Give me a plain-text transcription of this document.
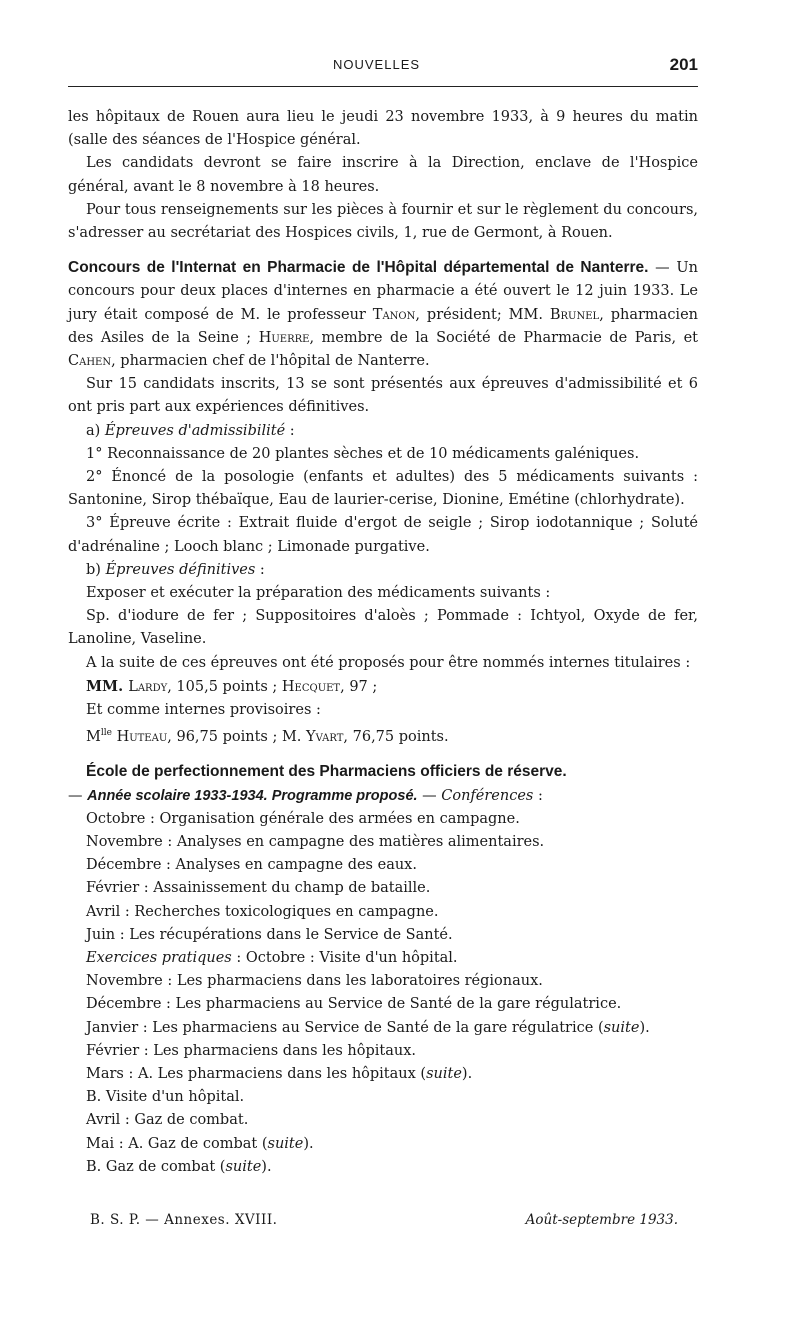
NOUVELLES	201

les hôpitaux de Rouen aura lieu le jeudi 23 novembre 1933, à 9 heures du matin (salle des séances de l'Hospice général.

Les candidats devront se faire inscrire à la Direction, enclave de l'Hospice général, avant le 8 novembre à 18 heures.

Pour tous renseignements sur les pièces à fournir et sur le règlement du concours, s'adresser au secrétariat des Hospices civils, 1, rue de Germont, à Rouen.

Concours de l'Internat en Pharmacie de l'Hôpital départemental de Nanterre. — Un concours pour deux places d'internes en pharmacie a été ouvert le 12 juin 1933. Le jury était composé de M. le professeur Tanon, président; MM. Brunel, pharmacien des Asiles de la Seine ; Huerre, membre de la Société de Pharmacie de Paris, et Cahen, pharmacien chef de l'hôpital de Nanterre.

Sur 15 candidats inscrits, 13 se sont présentés aux épreuves d'admissibilité et 6 ont pris part aux expériences définitives.

a) Épreuves d'admissibilité :

1° Reconnaissance de 20 plantes sèches et de 10 médicaments galéniques.

2° Énoncé de la posologie (enfants et adultes) des 5 médicaments suivants : Santonine, Sirop thébaïque, Eau de laurier-cerise, Dionine, Emétine (chlorhydrate).

3° Épreuve écrite : Extrait fluide d'ergot de seigle ; Sirop iodotannique ; Soluté d'adrénaline ; Looch blanc ; Limonade purgative.

b) Épreuves définitives :

Exposer et exécuter la préparation des médicaments suivants :

Sp. d'iodure de fer ; Suppositoires d'aloès ; Pommade : Ichtyol, Oxyde de fer, Lanoline, Vaseline.

A la suite de ces épreuves ont été proposés pour être nommés internes titulaires :

MM. Lardy, 105,5 points ; Hecquet, 97 ;

Et comme internes provisoires :

$M^{lle}$ Huteau, 96,75 points ; M. Yvart, 76,75 points.

École de perfectionnement des Pharmaciens officiers de réserve.

— Année scolaire 1933-1934. Programme proposé. — Conférences :

Octobre : Organisation générale des armées en campagne.

Novembre : Analyses en campagne des matières alimentaires.

Décembre : Analyses en campagne des eaux.

Février : Assainissement du champ de bataille.

Avril : Recherches toxicologiques en campagne.

Juin : Les récupérations dans le Service de Santé.

Exercices pratiques : Octobre : Visite d'un hôpital.

Novembre : Les pharmaciens dans les laboratoires régionaux.

Décembre : Les pharmaciens au Service de Santé de la gare régulatrice.

Janvier : Les pharmaciens au Service de Santé de la gare régulatrice (suite).

Février : Les pharmaciens dans les hôpitaux.

Mars : A. Les pharmaciens dans les hôpitaux (suite).

B. Visite d'un hôpital.

Avril : Gaz de combat.

Mai : A. Gaz de combat (suite).

B. Gaz de combat (suite).

B. S. P. — Annexes. XVIII.	Août-septembre 1933.
